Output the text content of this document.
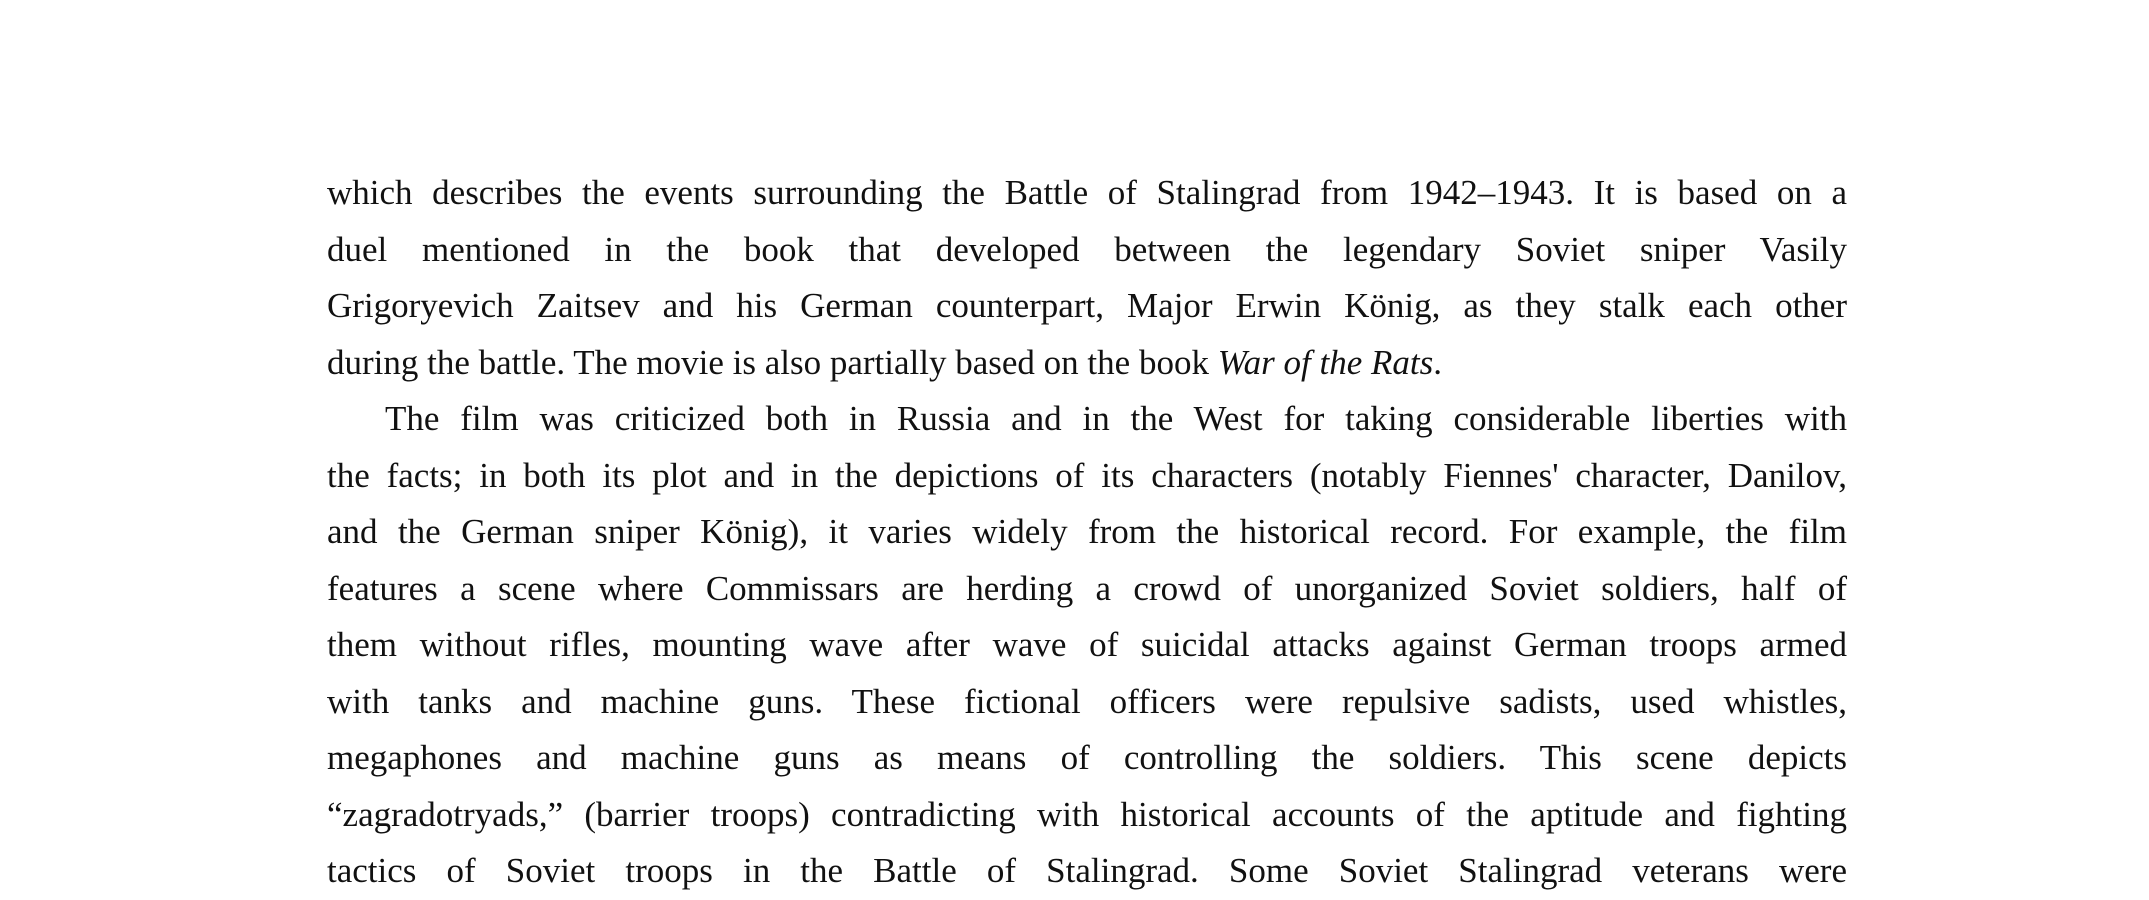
which describes the events surrounding the Battle of Stalingrad from 1942–1943. It is based on a
duel mentioned in the book that developed between the legendary Soviet sniper Vasily
Grigoryevich Zaitsev and his German counterpart, Major Erwin König, as they stalk each other
during the battle. The movie is also partially based on the book War of the Rats.
The film was criticized both in Russia and in the West for taking considerable liberties with
the facts; in both its plot and in the depictions of its characters (notably Fiennes' character, Danilov,
and the German sniper König), it varies widely from the historical record. For example, the film
features a scene where Commissars are herding a crowd of unorganized Soviet soldiers, half of
them without rifles, mounting wave after wave of suicidal attacks against German troops armed
with tanks and machine guns. These fictional officers were repulsive sadists, used whistles,
megaphones and machine guns as means of controlling the soldiers. This scene depicts
“zagradotryads,” (barrier troops) contradicting with historical accounts of the aptitude and fighting
tactics of Soviet troops in the Battle of Stalingrad. Some Soviet Stalingrad veterans were
